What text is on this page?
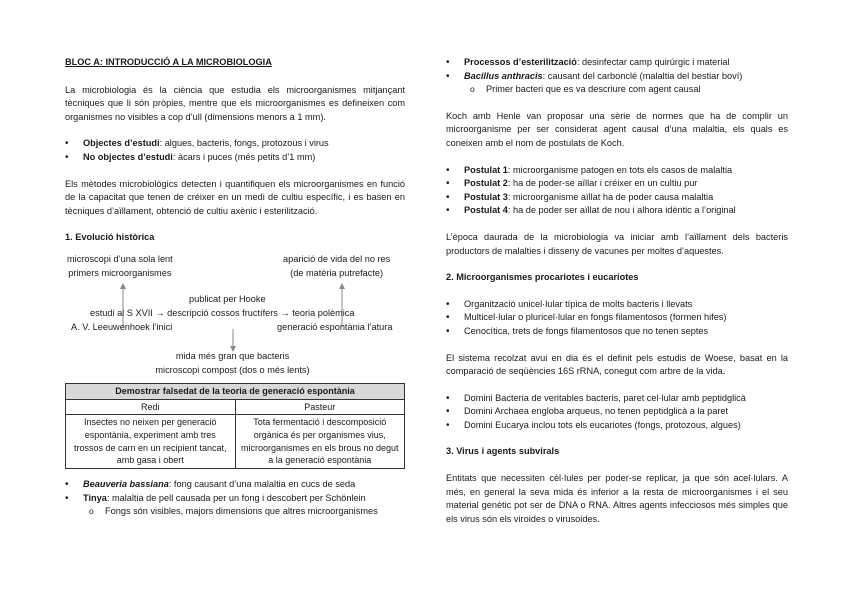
BLOC A: INTRODUCCIÓ A LA MICROBIOLOGIA

La microbiologia és la ciència que estudia els microorganismes mitjançant tècniques que li són pròpies, mentre que els microorganismes es defineixen com organismes no visibles a cop d’ull (dimensions menors a 1 mm).

• Objectes d’estudi: algues, bacteris, fongs, protozous i virus
• No objectes d’estudi: àcars i puces (més petits d’1 mm)

Els mètodes microbiològics detecten i quantifiquen els microorganismes en funció de la capacitat que tenen de créixer en un medi de cultiu específic, i es basen en tècniques d’aïllament, obtenció de cultiu axènic i esterilització.

1. Evolució històrica
microscopi d’una sola lent
primers microorganismes
aparició de vida del no res
(de matèria putrefacte)
publicat per Hooke
estudi al S XVII → descripció cossos fructífers → teoria polèmica
A. V. Leeuwenhoek l’inici	generació espontània l’atura
mida més gran que bacteris
microscopi compost (dos o més lents)
Demostrar falsedat de la teoria de generació espontània	
Redi	Pasteur
Insectes no neixen per generació espontània, experiment amb tres trossos de carn en un recipient tancat, amb gasa i obert	Tota fermentació i descomposició orgànica és per organismes vius, microorganismes en els brous no degut a la generació espontània
• Beauveria bassiana: fong causant d’una malaltia en cucs de seda
• Tinya: malaltia de pell causada per un fong i descobert per Schönlein
o Fongs són visibles, majors dimensions que altres microorganismes
• Processos d’esterilització: desinfectar camp quirúrgic i material
• Bacillus anthracis: causant del carbonclé (malaltia del bestiar boví)
o Primer bacteri que es va descriure com agent causal

Koch amb Henle van proposar una sèrie de normes que ha de complir un microorganisme per ser considerat agent causal d’una malaltia, els quals es coneixen amb el nom de postulats de Koch.

• Postulat 1: microorganisme patogen en tots els casos de malaltia
• Postulat 2: ha de poder-se aïllar i créixer en un cultiu pur
• Postulat 3: microorganisme aïllat ha de poder causa malaltia
• Postulat 4: ha de poder ser aïllat de nou i alhora idèntic a l’original

L’època daurada de la microbiologia va iniciar amb l’aïllament dels bacteris productors de malalties i disseny de vacunes per moltes d’aquestes.

2. Microorganismes procariotes i eucariotes
• Organització unicel·lular típica de molts bacteris i llevats
• Multicel·lular o pluricel·lular en fongs filamentosos (formen hifes)
• Cenocítica, trets de fongs filamentosos que no tenen septes

El sistema recolzat avui en dia és el definit pels estudis de Woese, basat en la comparació de seqüències 16S rRNA, conegut com arbre de la vida.

• Domini Bacteria de veritables bacteris, paret cel·lular amb peptidglicà
• Domini Archaea engloba arqueus, no tenen peptidglicà a la paret
• Domini Eucarya inclou tots els eucariotes (fongs, protozous, algues)
3. Virus i agents subvirals

Entitats que necessiten cèl·lules per poder-se replicar, ja que són acel·lulars. A més, en general la seva mida és inferior a la resta de microorganismes i el seu material genètic pot ser de DNA o RNA. Altres agents infecciosos més simples que els virus són els viroides o virusoides.
